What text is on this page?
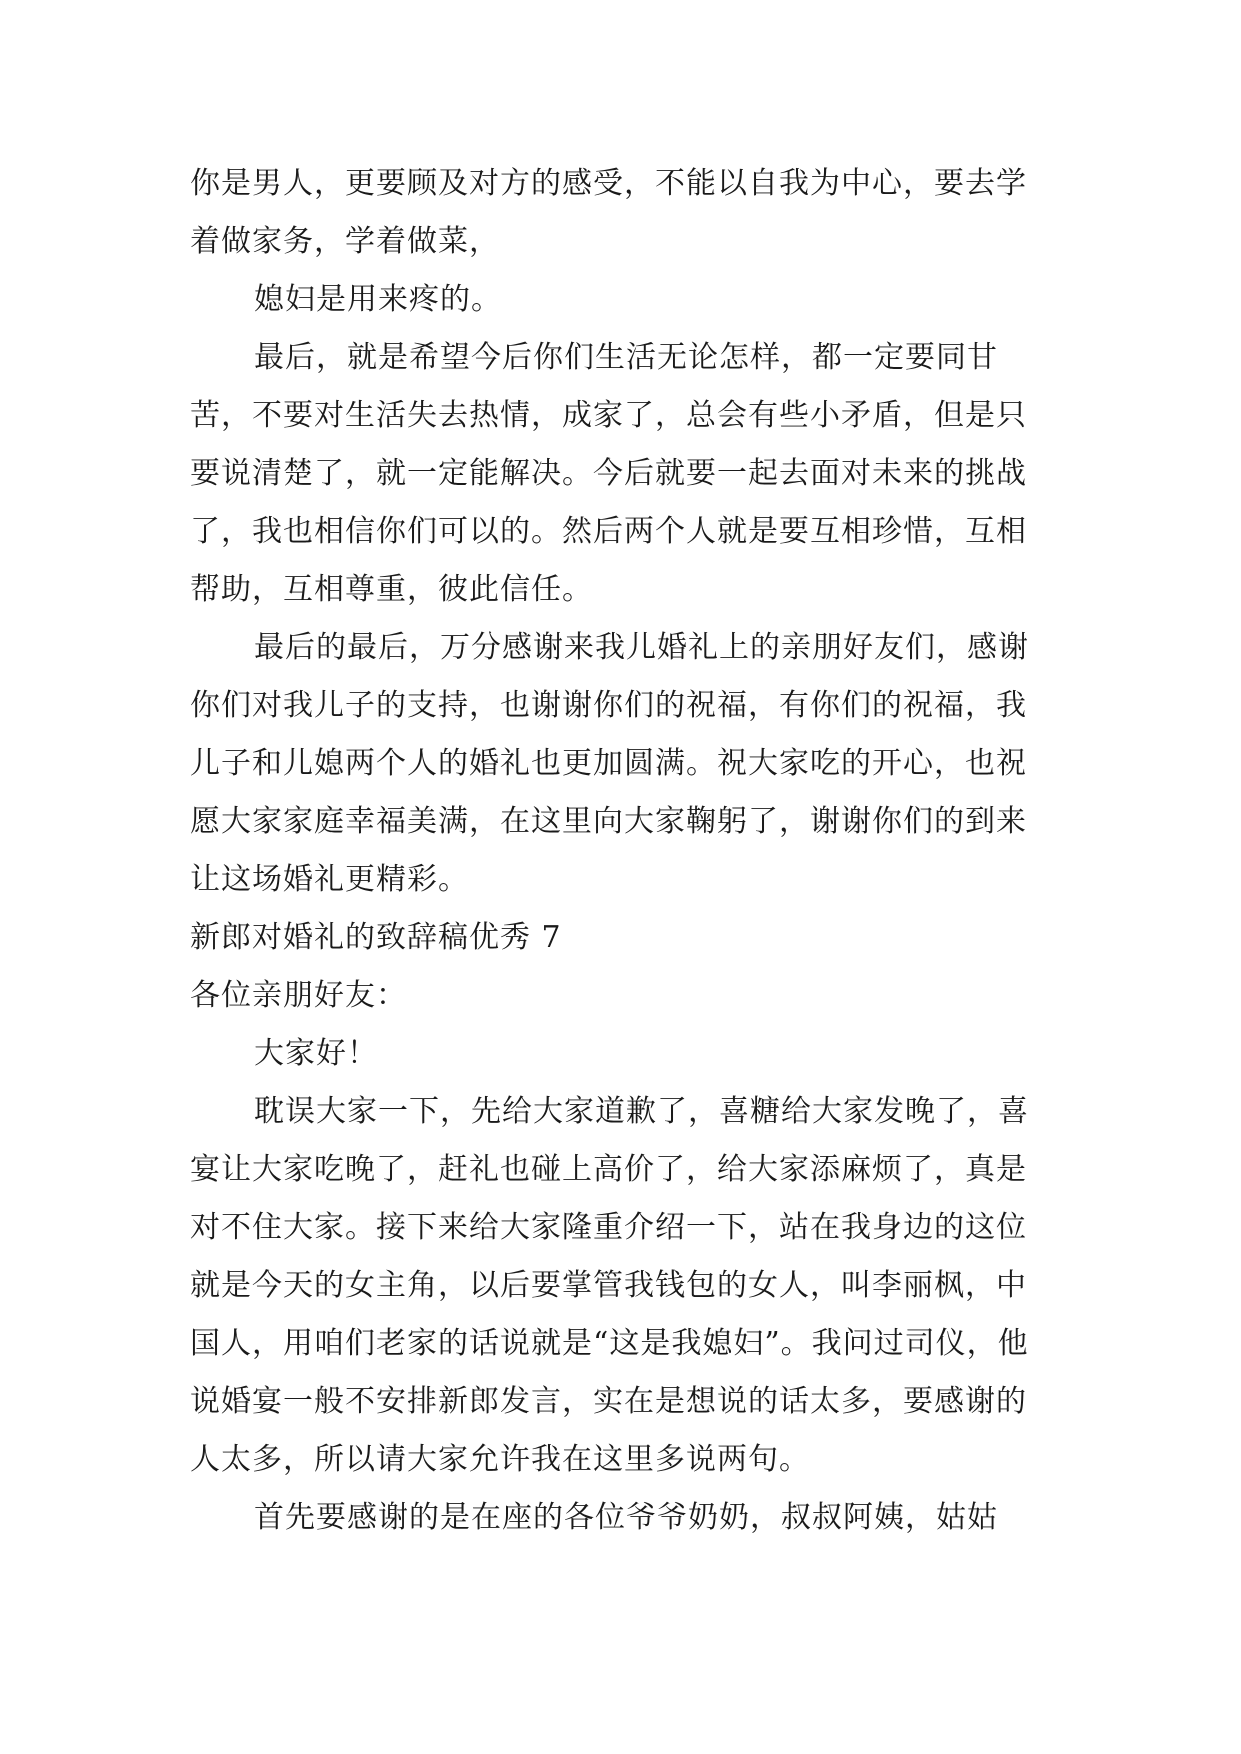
你是男人，更要顾及对方的感受，不能以自我为中心，要去学着做家务，学着做菜，

媳妇是用来疼的。

最后，就是希望今后你们生活无论怎样，都一定要同甘苦，不要对生活失去热情，成家了，总会有些小矛盾，但是只要说清楚了，就一定能解决。今后就要一起去面对未来的挑战了，我也相信你们可以的。然后两个人就是要互相珍惜，互相帮助，互相尊重，彼此信任。

最后的最后，万分感谢来我儿婚礼上的亲朋好友们，感谢你们对我儿子的支持，也谢谢你们的祝福，有你们的祝福，我儿子和儿媳两个人的婚礼也更加圆满。祝大家吃的开心，也祝愿大家家庭幸福美满，在这里向大家鞠躬了，谢谢你们的到来让这场婚礼更精彩。

新郎对婚礼的致辞稿优秀 7

各位亲朋好友：

大家好！

耽误大家一下，先给大家道歉了，喜糖给大家发晚了，喜宴让大家吃晚了，赶礼也碰上高价了，给大家添麻烦了，真是对不住大家。接下来给大家隆重介绍一下，站在我身边的这位就是今天的女主角，以后要掌管我钱包的女人，叫李丽枫，中国人，用咱们老家的话说就是“这是我媳妇”。我问过司仪，他说婚宴一般不安排新郎发言，实在是想说的话太多，要感谢的人太多，所以请大家允许我在这里多说两句。

首先要感谢的是在座的各位爷爷奶奶，叔叔阿姨，姑姑
